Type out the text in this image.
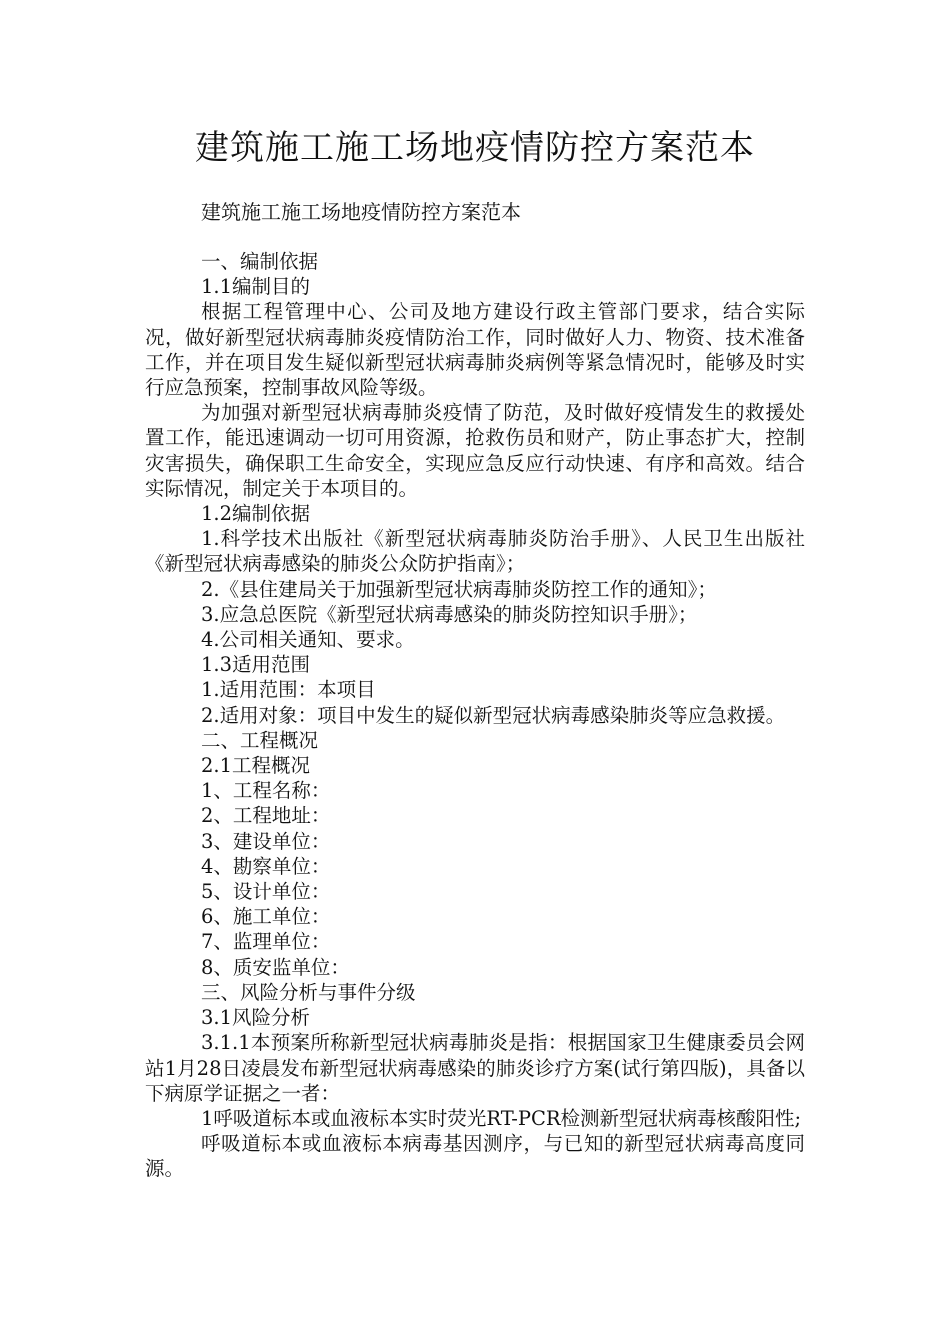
建筑施工施工场地疫情防控方案范本
建筑施工施工场地疫情防控方案范本

一、编制依据

1.1编制目的

根据工程管理中心、公司及地方建设行政主管部门要求，结合实际况，做好新型冠状病毒肺炎疫情防治工作，同时做好人力、物资、技术准备工作，并在项目发生疑似新型冠状病毒肺炎病例等紧急情况时，能够及时实行应急预案，控制事故风险等级。

为加强对新型冠状病毒肺炎疫情了防范，及时做好疫情发生的救援处置工作，能迅速调动一切可用资源，抢救伤员和财产，防止事态扩大，控制灾害损失，确保职工生命安全，实现应急反应行动快速、有序和高效。结合实际情况，制定关于本项目的。

1.2编制依据

1.科学技术出版社《新型冠状病毒肺炎防治手册》、人民卫生出版社《新型冠状病毒感染的肺炎公众防护指南》；

2.《县住建局关于加强新型冠状病毒肺炎防控工作的通知》；

3.应急总医院《新型冠状病毒感染的肺炎防控知识手册》；

4.公司相关通知、要求。

1.3适用范围

1.适用范围：本项目

2.适用对象：项目中发生的疑似新型冠状病毒感染肺炎等应急救援。

二、工程概况

2.1工程概况

1、工程名称：

2、工程地址：

3、建设单位：

4、勘察单位：

5、设计单位：

6、施工单位：

7、监理单位：

8、质安监单位：

三、风险分析与事件分级

3.1风险分析

3.1.1本预案所称新型冠状病毒肺炎是指：根据国家卫生健康委员会网站1月28日凌晨发布新型冠状病毒感染的肺炎诊疗方案(试行第四版)，具备以下病原学证据之一者：

1呼吸道标本或血液标本实时荧光RT-PCR检测新型冠状病毒核酸阳性;

呼吸道标本或血液标本病毒基因测序，与已知的新型冠状病毒高度同源。
